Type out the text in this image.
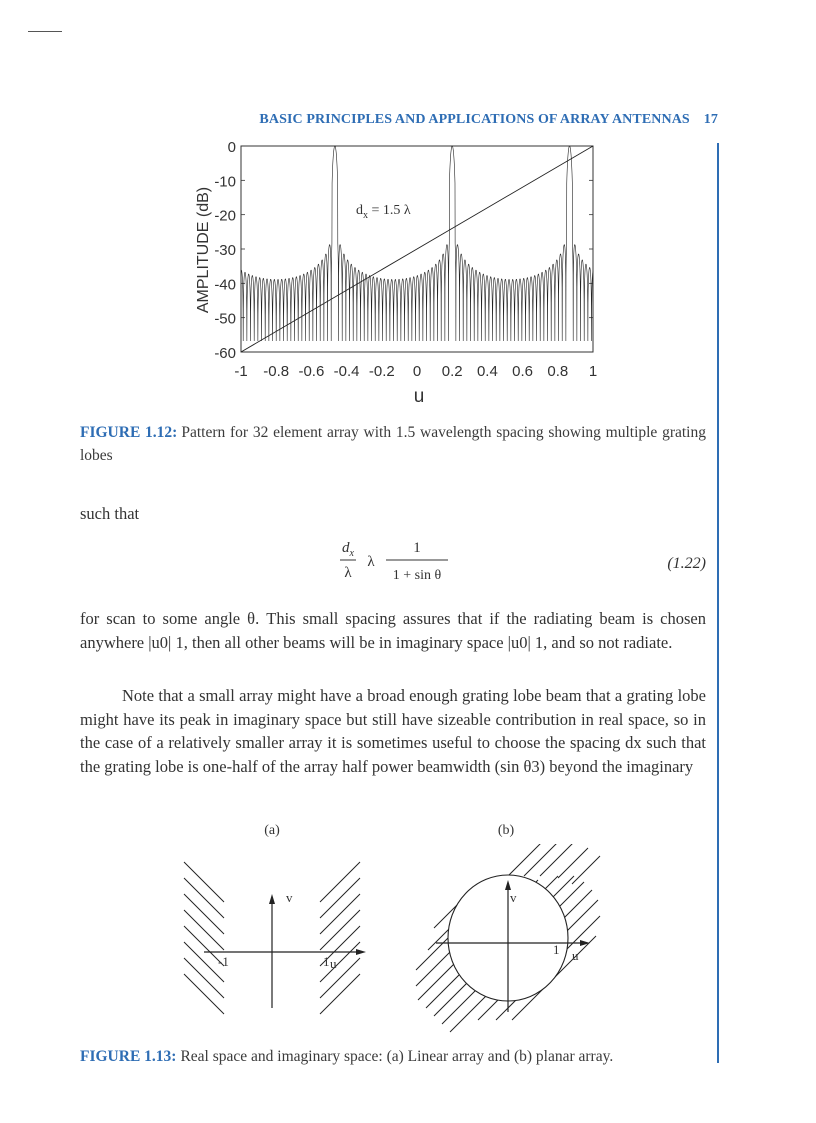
BASIC PRINCIPLES AND APPLICATIONS OF ARRAY ANTENNAS 17
AMPLITUDE (dB)
0
-10
-20
-30
-40
-50
-60
-1 -0.8 -0.6 -0.4 -0.2 0 0.2 0.4 0.6 0.8 1
$d_x = 1.5$ λ
u
FIGURE 1.12: Pattern for 32 element array with 1.5 wavelength spacing showing multiple grating lobes
such that
$d_x$
λ
λ
1
1 + sin θ
(1.22)
for scan to some angle θ. This small spacing assures that if the radiating beam is chosen anywhere |u0| 1, then all other beams will be in imaginary space |u0| 1, and so not radiate.
Note that a small array might have a broad enough grating lobe beam that a grating lobe might have its peak in imaginary space but still have sizeable contribution in real space, so in the case of a relatively smaller array it is sometimes useful to choose the spacing dx such that the grating lobe is one-half of the array half power beamwidth (sin θ3) beyond the imaginary
(a)
v
u
-1	1
(b)
v
u
1
FIGURE 1.13: Real space and imaginary space: (a) Linear array and (b) planar array.
